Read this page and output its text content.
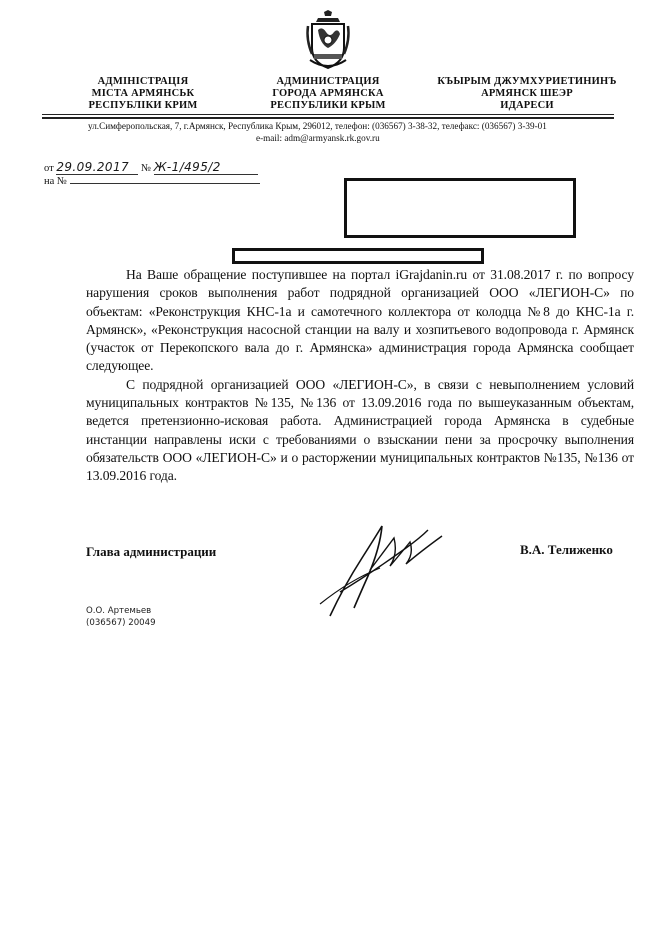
АДМІНІСТРАЦІЯ
МІСТА АРМЯНСЬК
РЕСПУБЛІКИ КРИМ
АДМИНИСТРАЦИЯ
ГОРОДА АРМЯНСКА
РЕСПУБЛИКИ КРЫМ
КЪЫРЫМ ДЖУМХУРИЕТИНИНЪ
АРМЯНСК ШЕЭР
ИДАРЕСИ
ул.Симферопольская, 7, г.Армянск, Республика Крым, 296012, телефон: (036567) 3-38-32, телефакс: (036567) 3-39-01
e-mail: adm@armyansk.rk.gov.ru
от 29.09.2017 № Ж-1/495/2
на №

На Ваше обращение поступившее на портал iGrajdanin.ru от 31.08.2017 г. по вопросу нарушения сроков выполнения работ подрядной организацией ООО «ЛЕГИОН-С» по объектам: «Реконструкция КНС-1а и самотечного коллектора от колодца №8 до КНС-1а г. Армянск», «Реконструкция насосной станции на валу и хозпитьевого водопровода г. Армянск (участок от Перекопского вала до г. Армянска» администрация города Армянска сообщает следующее.

С подрядной организацией ООО «ЛЕГИОН-С», в связи с невыполнением условий муниципальных контрактов №135, №136 от 13.09.2016 года по вышеуказанным объектам, ведется претензионно-исковая работа. Администрацией города Армянска в судебные инстанции направлены иски с требованиями о взыскании пени за просрочку выполнения обязательств ООО «ЛЕГИОН-С» и о расторжении муниципальных контрактов №135, №136 от 13.09.2016 года.

Глава администрации	В.А. Телиженко
О.О. Артемьев
(036567) 20049
